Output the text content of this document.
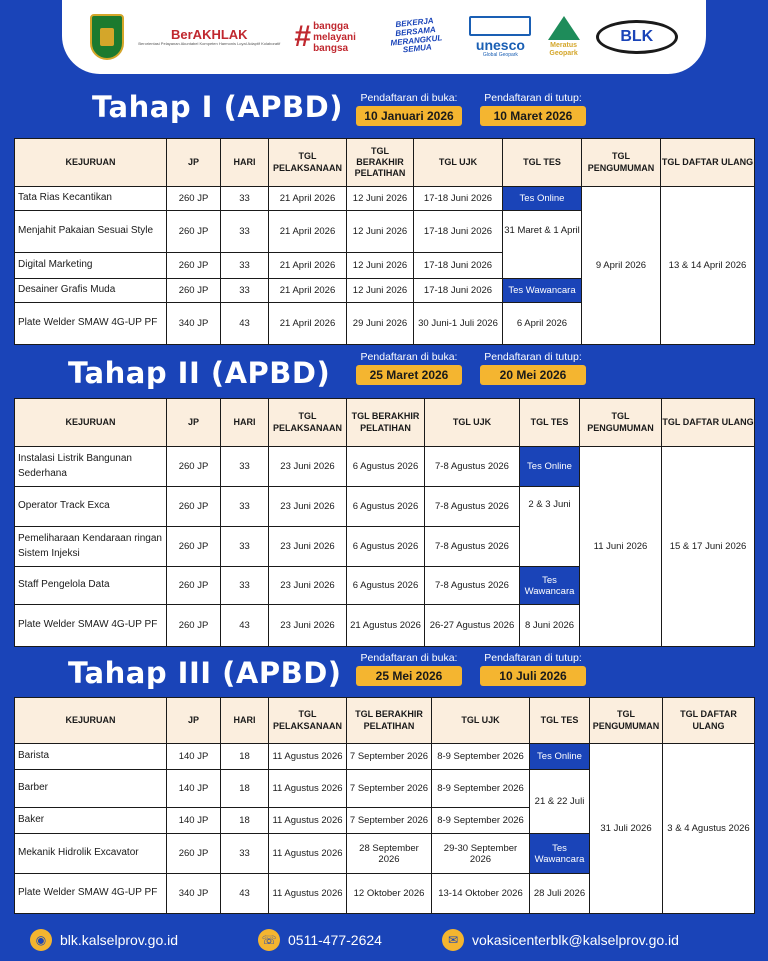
BerAKHLAK
Berorientasi Pelayanan Akuntabel Kompeten Harmonis Loyal Adaptif Kolaboratif # bangga melayani bangsa
BEKERJA BERSAMA MERANGKUL SEMUA	unesco
Global Geopark
Meratus Geopark
BLK
Tahap I (APBD)	Pendaftaran di buka:
10 Januari 2026
Pendaftaran di tutup:
10 Maret 2026
KEJURUAN	JP	HARI	TGL PELAKSANAAN	TGL BERAKHIR PELATIHAN	TGL UJK	TGL TES	TGL PENGUMUMAN	TGL DAFTAR ULANG
Tata Rias Kecantikan	260 JP	33	21 April 2026	12 Juni 2026	17-18 Juni 2026	Tes Online	9 April 2026	13 & 14 April 2026
Menjahit Pakaian Sesuai Style	260 JP	33	21 April 2026	12 Juni 2026	17-18 Juni 2026	31 Maret & 1 April		
Digital Marketing	260 JP	33	21 April 2026	12 Juni 2026	17-18 Juni 2026			
Desainer Grafis Muda	260 JP	33	21 April 2026	12 Juni 2026	17-18 Juni 2026	Tes Wawancara		
Plate Welder SMAW 4G-UP PF	340 JP	43	21 April 2026	29 Juni 2026	30 Juni-1 Juli 2026	6 April 2026		
Tahap II (APBD)	Pendaftaran di buka:
25 Maret 2026
Pendaftaran di tutup:
20 Mei 2026
KEJURUAN	JP	HARI	TGL PELAKSANAAN	TGL BERAKHIR PELATIHAN	TGL UJK	TGL TES	TGL PENGUMUMAN	TGL DAFTAR ULANG
Instalasi Listrik Bangunan Sederhana	260 JP	33	23 Juni 2026	6 Agustus 2026	7-8 Agustus 2026	Tes Online	11 Juni 2026	15 & 17 Juni 2026
Operator Track Exca	260 JP	33	23 Juni 2026	6 Agustus 2026	7-8 Agustus 2026	2 & 3 Juni		
Pemeliharaan Kendaraan ringan Sistem Injeksi	260 JP	33	23 Juni 2026	6 Agustus 2026	7-8 Agustus 2026			
Staff Pengelola Data	260 JP	33	23 Juni 2026	6 Agustus 2026	7-8 Agustus 2026	Tes Wawancara		
Plate Welder SMAW 4G-UP PF	260 JP	43	23 Juni 2026	21 Agustus 2026	26-27 Agustus 2026	8 Juni 2026		
Tahap III (APBD)	Pendaftaran di buka:
25 Mei 2026
Pendaftaran di tutup:
10 Juli 2026
KEJURUAN	JP	HARI	TGL PELAKSANAAN	TGL BERAKHIR PELATIHAN	TGL UJK	TGL TES	TGL PENGUMUMAN	TGL DAFTAR ULANG
Barista	140 JP	18	11 Agustus 2026	7 September 2026	8-9 September 2026	Tes Online	31 Juli 2026	3 & 4 Agustus 2026
Barber	140 JP	18	11 Agustus 2026	7 September 2026	8-9 September 2026	21 & 22 Juli		
Baker	140 JP	18	11 Agustus 2026	7 September 2026	8-9 September 2026			
Mekanik Hidrolik Excavator	260 JP	33	11 Agustus 2026	28 September 2026	29-30 September 2026	Tes Wawancara		
Plate Welder SMAW 4G-UP PF	340 JP	43	11 Agustus 2026	12 Oktober 2026	13-14 Oktober 2026	28 Juli 2026		
◉ blk.kalselprov.go.id	☏ 0511-477-2624	✉ vokasicenterblk@kalselprov.go.id
